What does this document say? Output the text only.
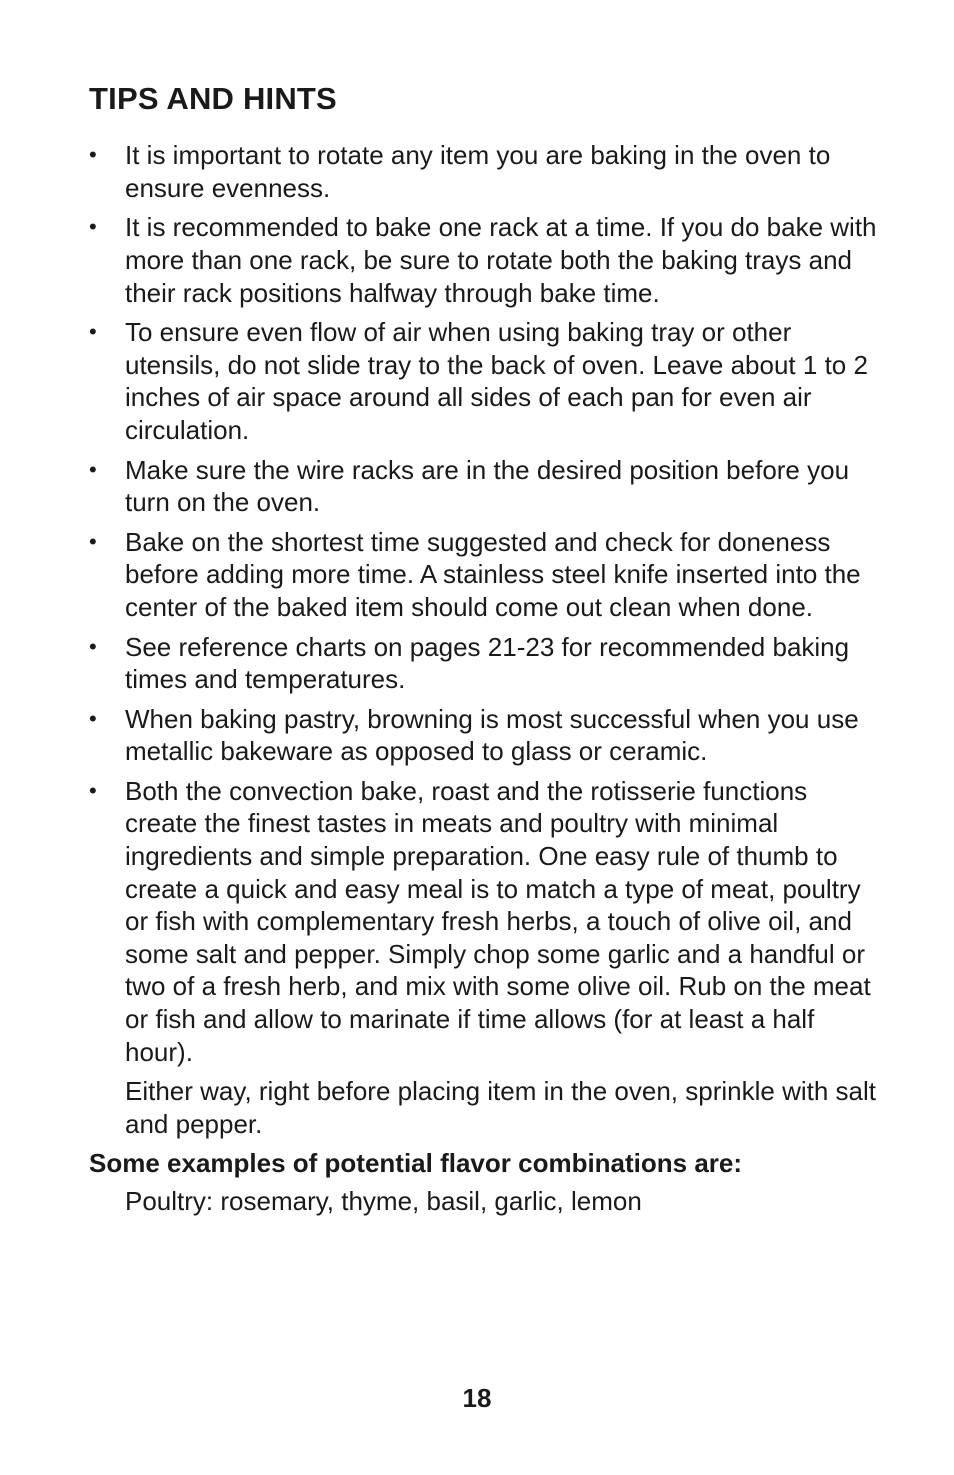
TIPS AND HINTS
• It is important to rotate any item you are baking in the oven to ensure evenness.

• It is recommended to bake one rack at a time. If you do bake with more than one rack, be sure to rotate both the baking trays and their rack positions halfway through bake time.

• To ensure even flow of air when using baking tray or other utensils, do not slide tray to the back of oven. Leave about 1 to 2 inches of air space around all sides of each pan for even air circulation.

• Make sure the wire racks are in the desired position before you turn on the oven.

• Bake on the shortest time suggested and check for doneness before adding more time. A stainless steel knife inserted into the center of the baked item should come out clean when done.

• See reference charts on pages 21-23 for recommended baking times and temperatures.

• When baking pastry, browning is most successful when you use metallic bakeware as opposed to glass or ceramic.

• Both the convection bake, roast and the rotisserie functions create the finest tastes in meats and poultry with minimal ingredients and simple preparation. One easy rule of thumb to create a quick and easy meal is to match a type of meat, poultry or fish with complementary fresh herbs, a touch of olive oil, and some salt and pepper. Simply chop some garlic and a handful or two of a fresh herb, and mix with some olive oil. Rub on the meat or fish and allow to marinate if time allows (for at least a half hour).

Either way, right before placing item in the oven, sprinkle with salt and pepper.

Some examples of potential flavor combinations are:

Poultry: rosemary, thyme, basil, garlic, lemon

18
